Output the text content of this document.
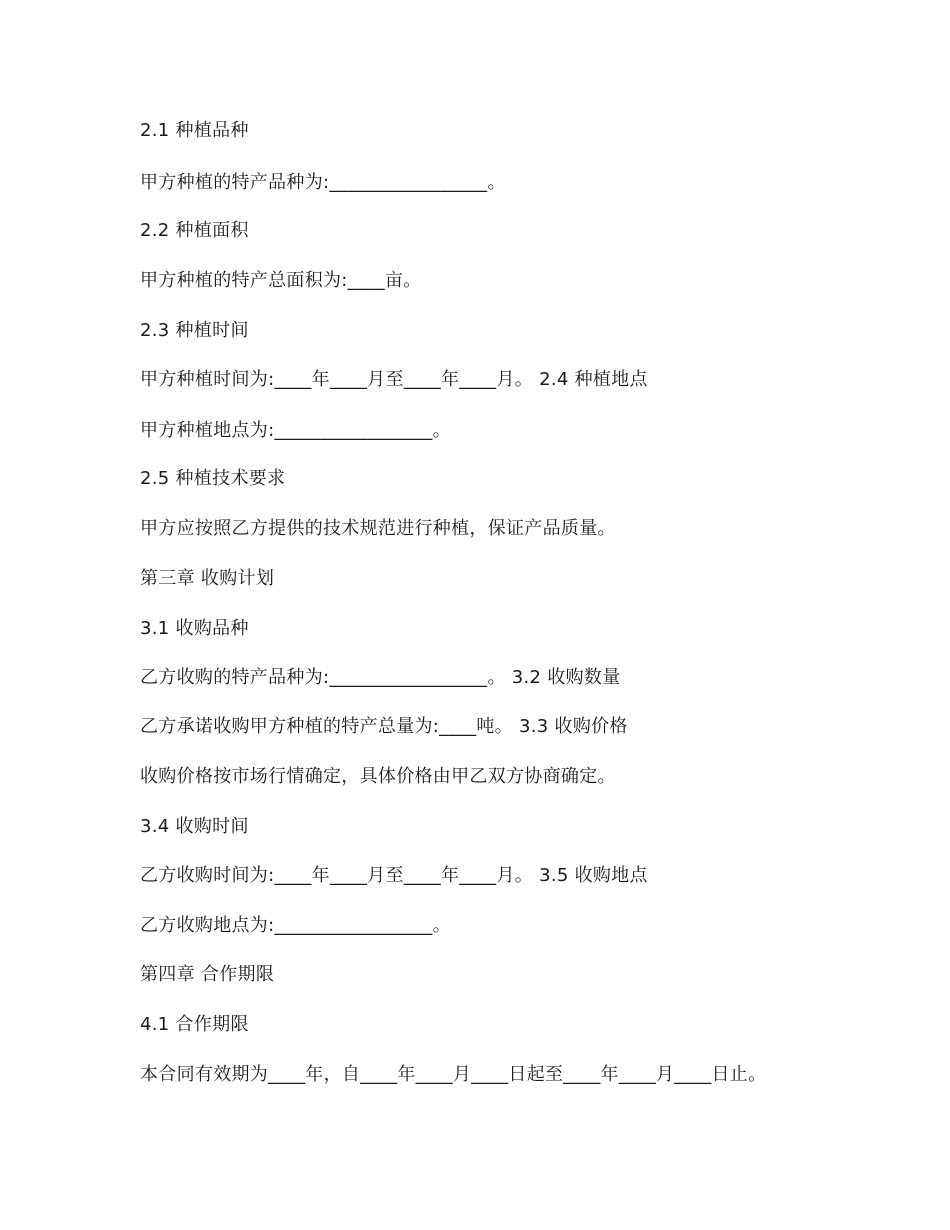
2.1 种植品种
甲方种植的特产品种为:_________________。
2.2 种植面积
甲方种植的特产总面积为:____亩。
2.3 种植时间
甲方种植时间为:____年____月至____年____月。 2.4 种植地点
甲方种植地点为:_________________。
2.5 种植技术要求
甲方应按照乙方提供的技术规范进行种植，保证产品质量。
第三章 收购计划
3.1 收购品种
乙方收购的特产品种为:_________________。 3.2 收购数量
乙方承诺收购甲方种植的特产总量为:____吨。 3.3 收购价格
收购价格按市场行情确定，具体价格由甲乙双方协商确定。
3.4 收购时间
乙方收购时间为:____年____月至____年____月。 3.5 收购地点
乙方收购地点为:_________________。
第四章 合作期限
4.1 合作期限
本合同有效期为____年，自____年____月____日起至____年____月____日止。
